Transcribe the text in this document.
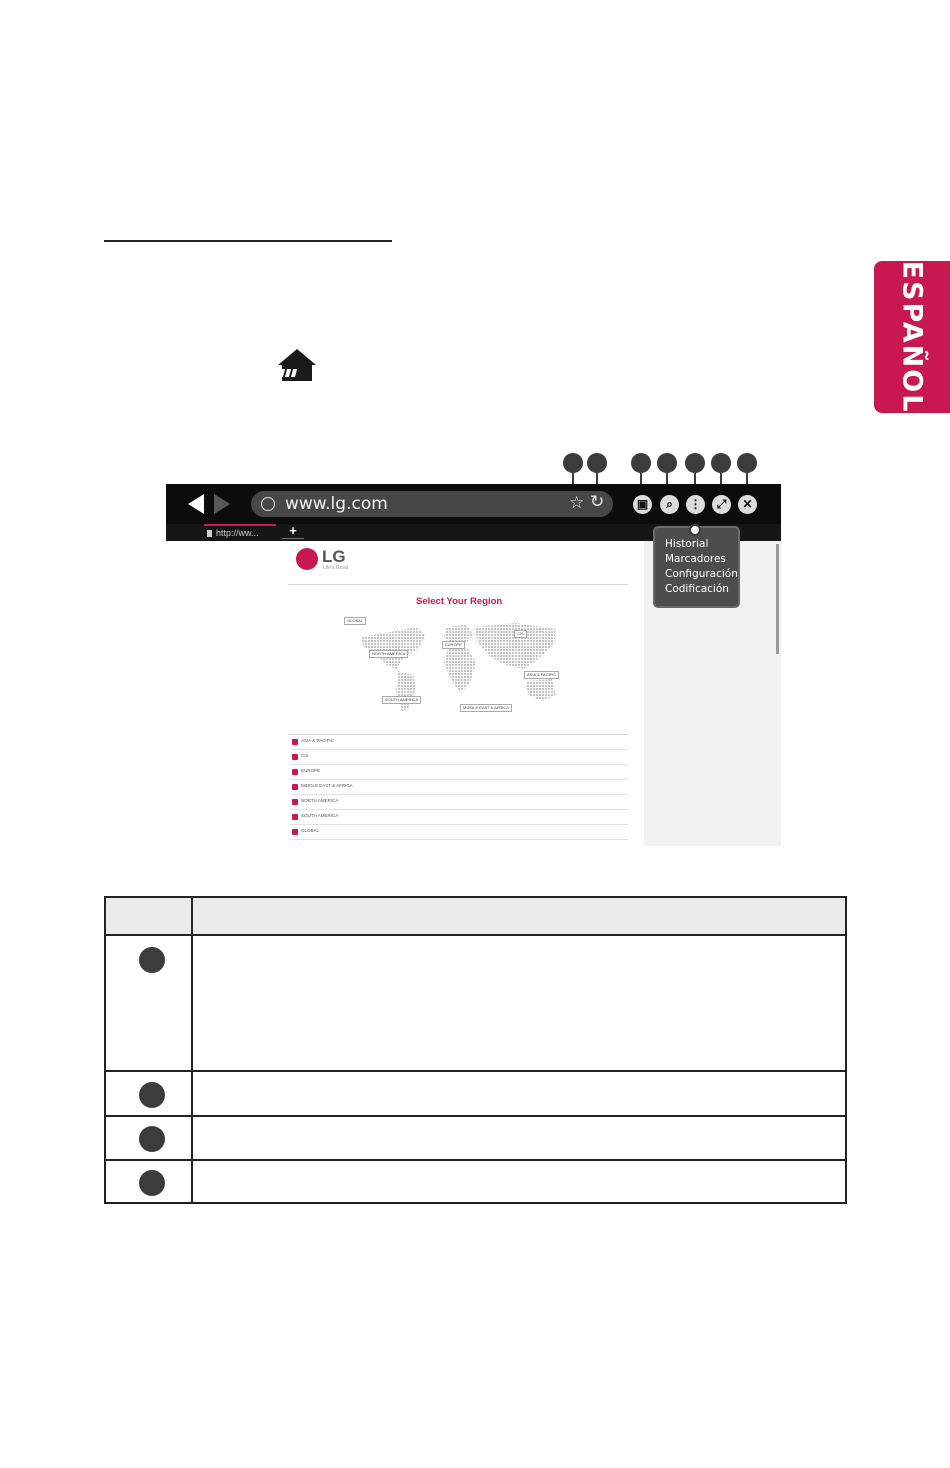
ESPAÑOL
www.lg.com	☆ ↻	▣	⌕	⋮	⤢	✕
http://ww...	+
LG
Life's Good
Select Your Region
GLOBAL
NORTH AMERICA
EUROPE
CIS
ASIA & PACIFIC
SOUTH AMERICA
MIDDLE EAST & AFRICA
ASIA & PACIFIC
CIS
EUROPE
MIDDLE EAST & AFRICA
NORTH AMERICA
SOUTH AMERICA
GLOBAL
Historial
Marcadores
Configuración
Codificación
